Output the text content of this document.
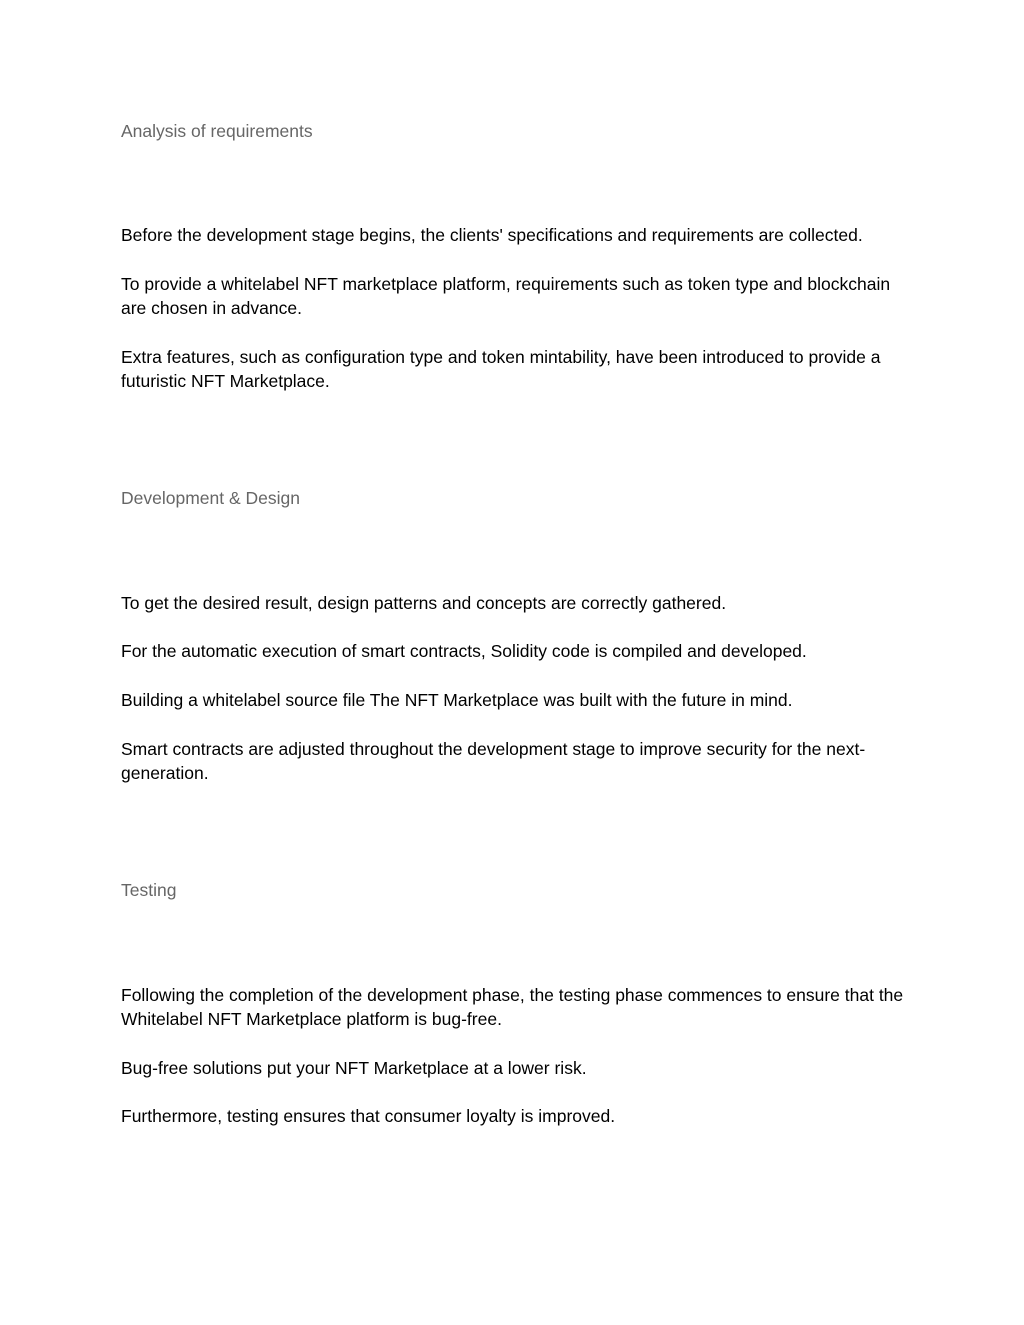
Analysis of requirements

Before the development stage begins, the clients' specifications and requirements are collected.

To provide a whitelabel NFT marketplace platform, requirements such as token type and blockchain are chosen in advance.

Extra features, such as configuration type and token mintability, have been introduced to provide a futuristic NFT Marketplace.

Development & Design

To get the desired result, design patterns and concepts are correctly gathered.

For the automatic execution of smart contracts, Solidity code is compiled and developed.

Building a whitelabel source file The NFT Marketplace was built with the future in mind.

Smart contracts are adjusted throughout the development stage to improve security for the next-generation.

Testing

Following the completion of the development phase, the testing phase commences to ensure that the Whitelabel NFT Marketplace platform is bug-free.

Bug-free solutions put your NFT Marketplace at a lower risk.

Furthermore, testing ensures that consumer loyalty is improved.
